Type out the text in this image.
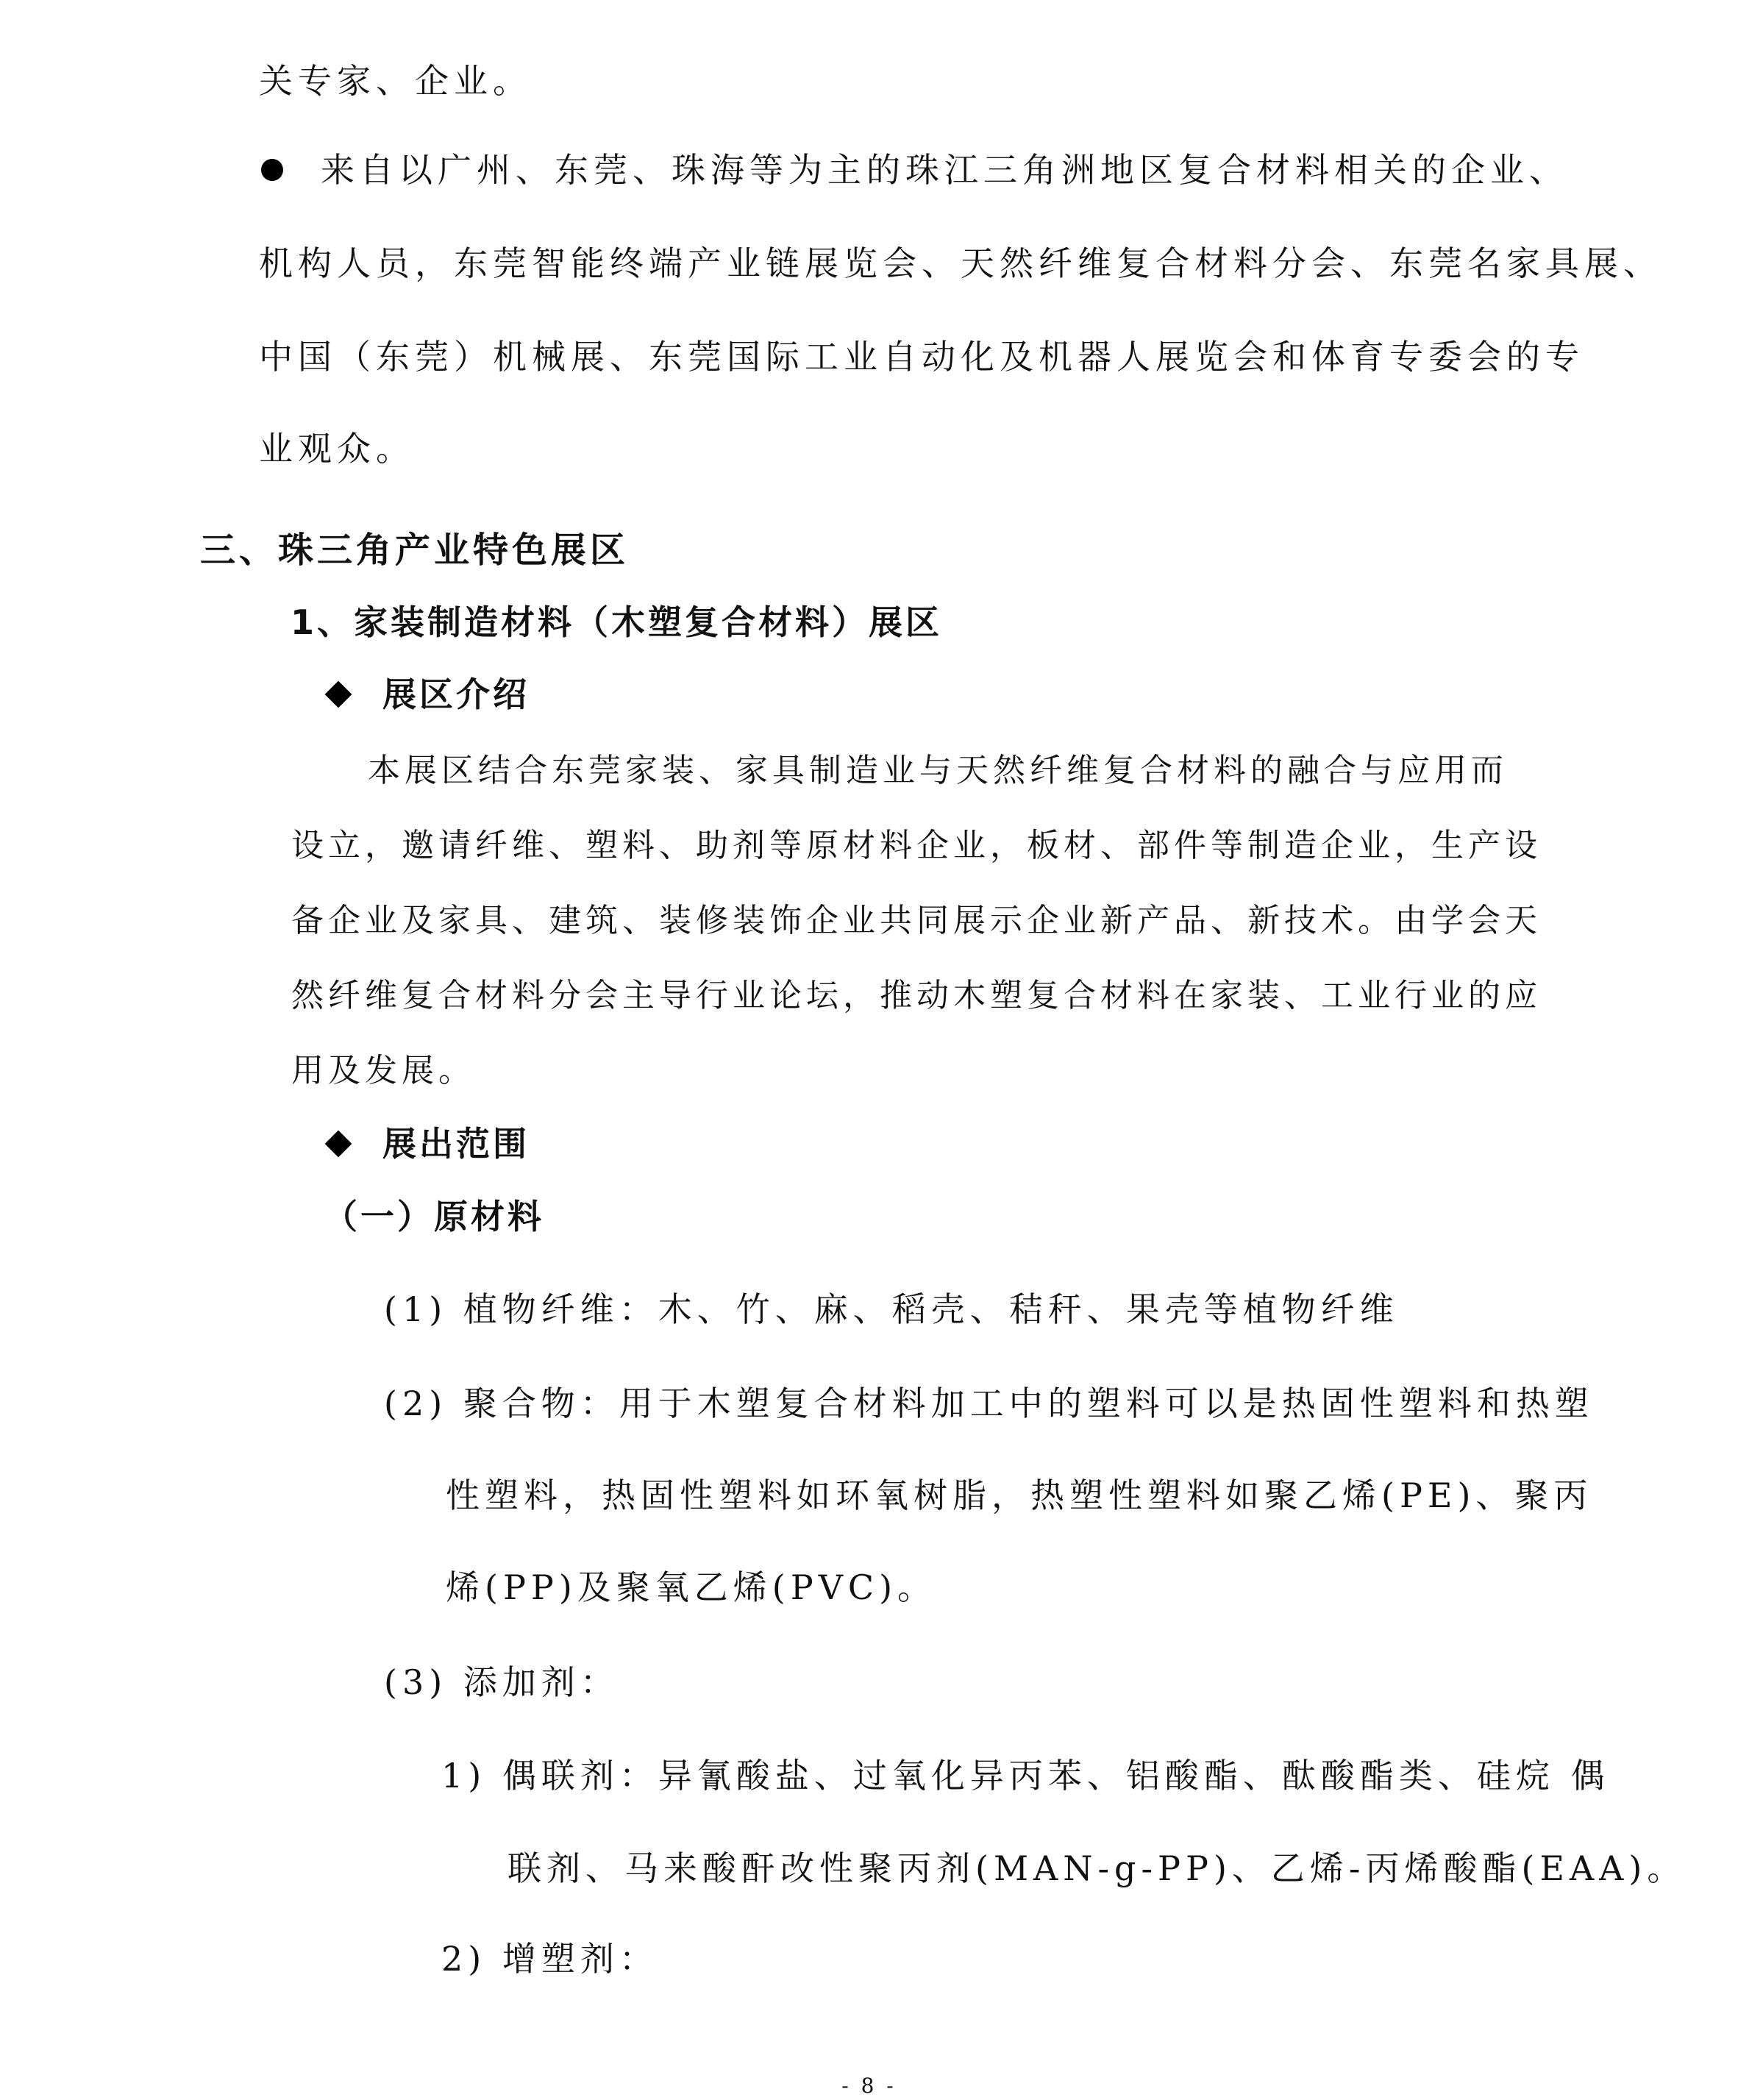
关专家、企业。
来自以广州、东莞、珠海等为主的珠江三角洲地区复合材料相关的企业、
机构人员，东莞智能终端产业链展览会、天然纤维复合材料分会、东莞名家具展、
中国（东莞）机械展、东莞国际工业自动化及机器人展览会和体育专委会的专
业观众。
三、珠三角产业特色展区
1、家装制造材料（木塑复合材料）展区
展区介绍
本展区结合东莞家装、家具制造业与天然纤维复合材料的融合与应用而
设立，邀请纤维、塑料、助剂等原材料企业，板材、部件等制造企业，生产设
备企业及家具、建筑、装修装饰企业共同展示企业新产品、新技术。由学会天
然纤维复合材料分会主导行业论坛，推动木塑复合材料在家装、工业行业的应
用及发展。
展出范围
（一）原材料
(1) 植物纤维：木、竹、麻、稻壳、秸秆、果壳等植物纤维
(2) 聚合物：用于木塑复合材料加工中的塑料可以是热固性塑料和热塑
性塑料，热固性塑料如环氧树脂，热塑性塑料如聚乙烯(PE)、聚丙
烯(PP)及聚氧乙烯(PVC)。
(3) 添加剂：
1) 偶联剂：异氰酸盐、过氧化异丙苯、铝酸酯、酞酸酯类、硅烷 偶
联剂、马来酸酐改性聚丙剂(MAN-g-PP)、乙烯-丙烯酸酯(EAA)。
2) 增塑剂：
- 8 -
